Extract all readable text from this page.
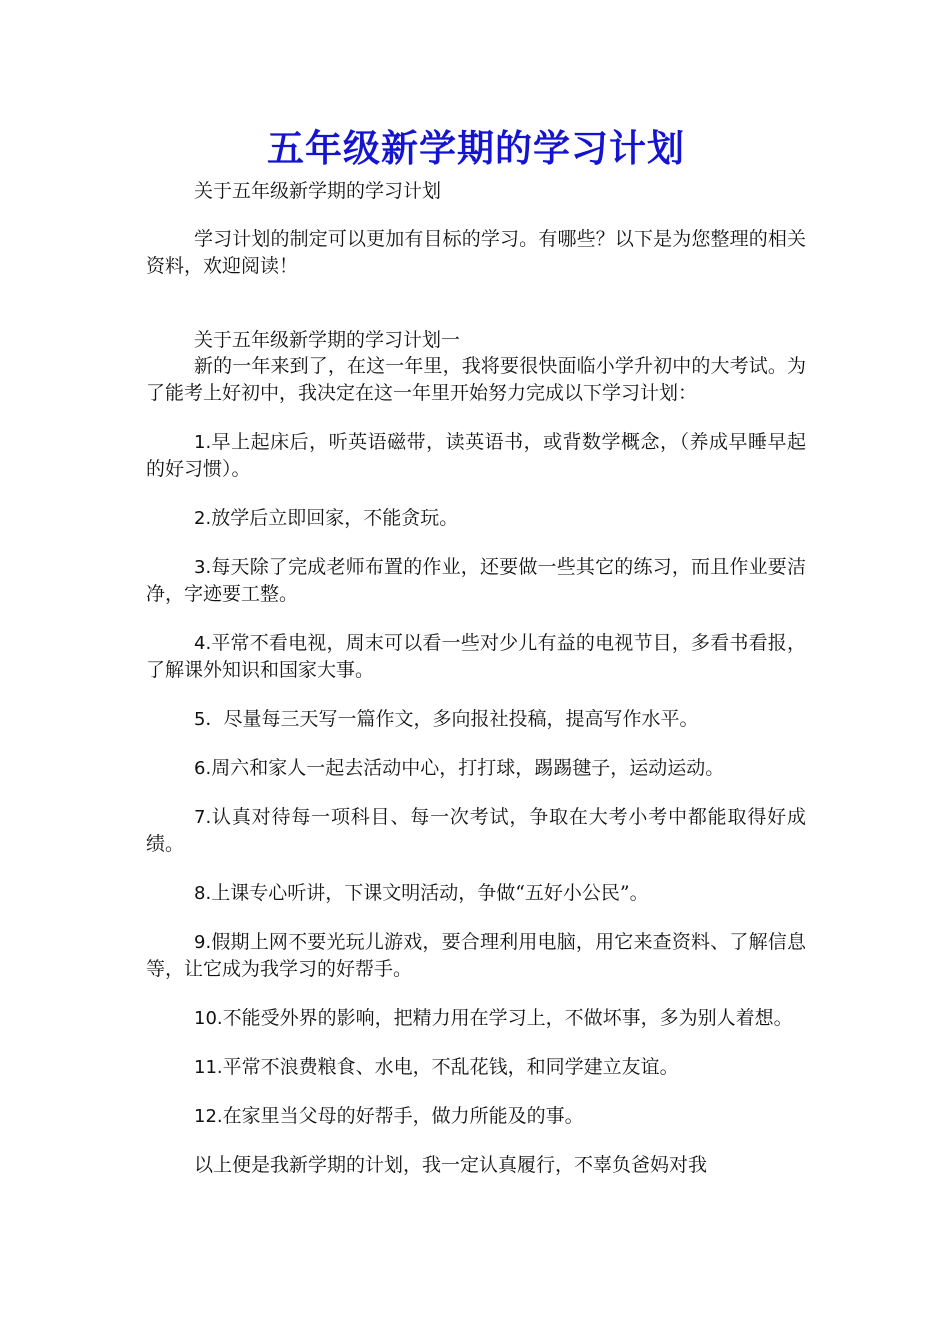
五年级新学期的学习计划

关于五年级新学期的学习计划

学习计划的制定可以更加有目标的学习。有哪些？以下是为您整理的相关资料，欢迎阅读！

关于五年级新学期的学习计划一

新的一年来到了，在这一年里，我将要很快面临小学升初中的大考试。为了能考上好初中，我决定在这一年里开始努力完成以下学习计划：

1.早上起床后，听英语磁带，读英语书，或背数学概念，（养成早睡早起的好习惯）。

2.放学后立即回家，不能贪玩。

3.每天除了完成老师布置的作业，还要做一些其它的练习，而且作业要洁净，字迹要工整。

4.平常不看电视，周末可以看一些对少儿有益的电视节目，多看书看报，了解课外知识和国家大事。

5．尽量每三天写一篇作文，多向报社投稿，提高写作水平。

6.周六和家人一起去活动中心，打打球，踢踢毽子，运动运动。

7.认真对待每一项科目、每一次考试，争取在大考小考中都能取得好成绩。

8.上课专心听讲，下课文明活动，争做“五好小公民”。

9.假期上网不要光玩儿游戏，要合理利用电脑，用它来查资料、了解信息等，让它成为我学习的好帮手。

10.不能受外界的影响，把精力用在学习上，不做坏事，多为别人着想。

11.平常不浪费粮食、水电，不乱花钱，和同学建立友谊。

12.在家里当父母的好帮手，做力所能及的事。

以上便是我新学期的计划，我一定认真履行，不辜负爸妈对我
